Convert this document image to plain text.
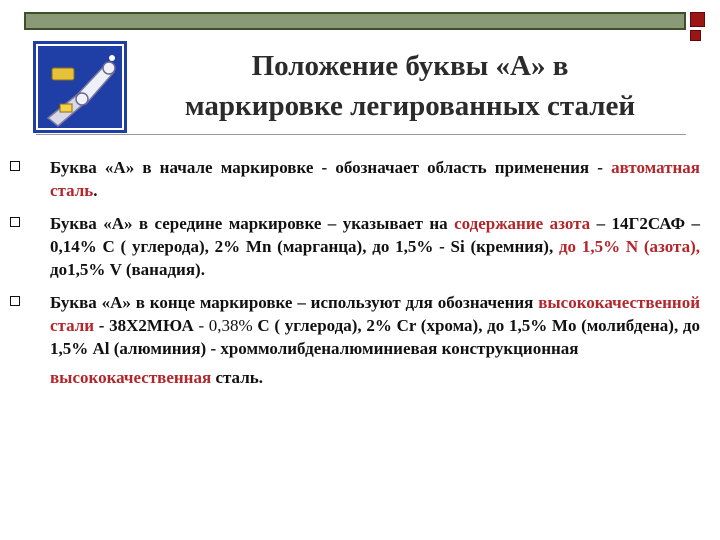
Положение буквы «А» в
маркировке легированных сталей

Буква «А» в начале маркировке - обозначает область применения - автоматная сталь.

Буква «А» в середине маркировке – указывает на содержание азота – 14Г2САФ – 0,14% С ( углерода), 2% Mn (марганца), до 1,5% - Si (кремния), до 1,5% N (азота), до1,5% V (ванадия).

Буква «А» в конце маркировке – используют для обозначения высококачественной стали - 38Х2МЮА - 0,38% С ( углерода), 2% Cr (хрома), до 1,5% Mo (молибдена), до 1,5% Al (алюминия) - хроммолибденалюминиевая конструкционная
высококачественная сталь.
